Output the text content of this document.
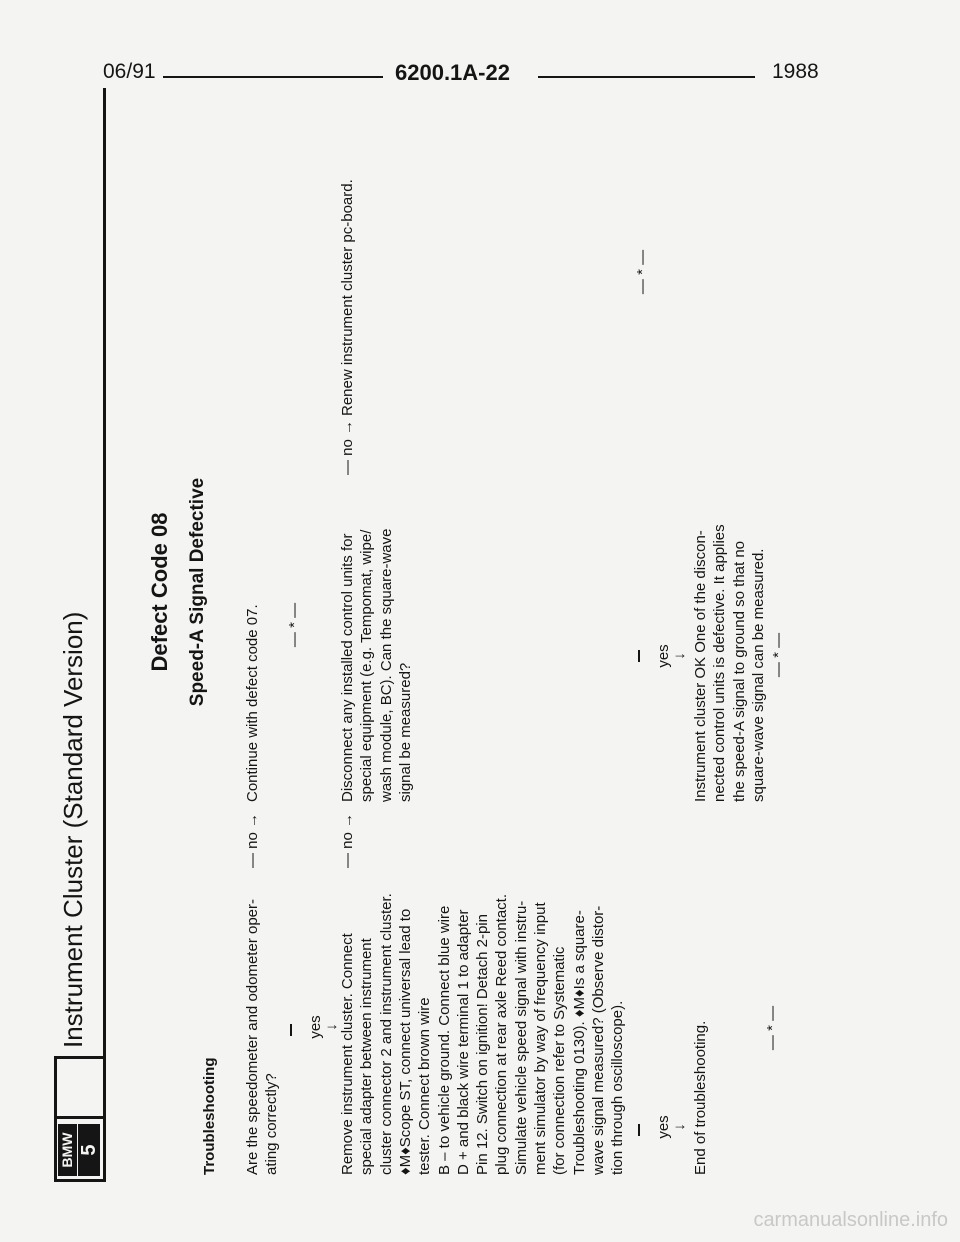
06/91	6200.1A-22	1988
BMW 5
Instrument Cluster (Standard Version)
Defect Code 08 Speed-A Signal Defective
Troubleshooting Are the speedometer and odometer oper- ating correctly?
— no →
Continue with defect code 07. — * —
yes ↓ Remove instrument cluster. Connect special adapter between instrument cluster connector 2 and instrument cluster. ♦M♦Scope ST, connect universal lead to tester. Connect brown wire B – to vehicle ground. Connect blue wire D + and black wire terminal 1 to adapter Pin 12. Switch on ignition! Detach 2-pin plug connection at rear axle Reed contact. Simulate vehicle speed signal with instru- ment simulator by way of frequency input (for connection refer to Systematic Troubleshooting 0130). ♦M♦Is a square- wave signal measured? (Observe distor- tion through oscilloscope).
— no →
Disconnect any installed control units for special equipment (e.g. Tempomat, wipe/ wash module, BC). Can the square-wave signal be measured?
— no →
Renew instrument cluster pc-board.	— * —
yes ↓ End of troubleshooting.	— * —
yes ↓ Instrument cluster OK One of the discon- nected control units is defective. It applies the speed-A signal to ground so that no square-wave signal can be measured. — * —
carmanualsonline.info
